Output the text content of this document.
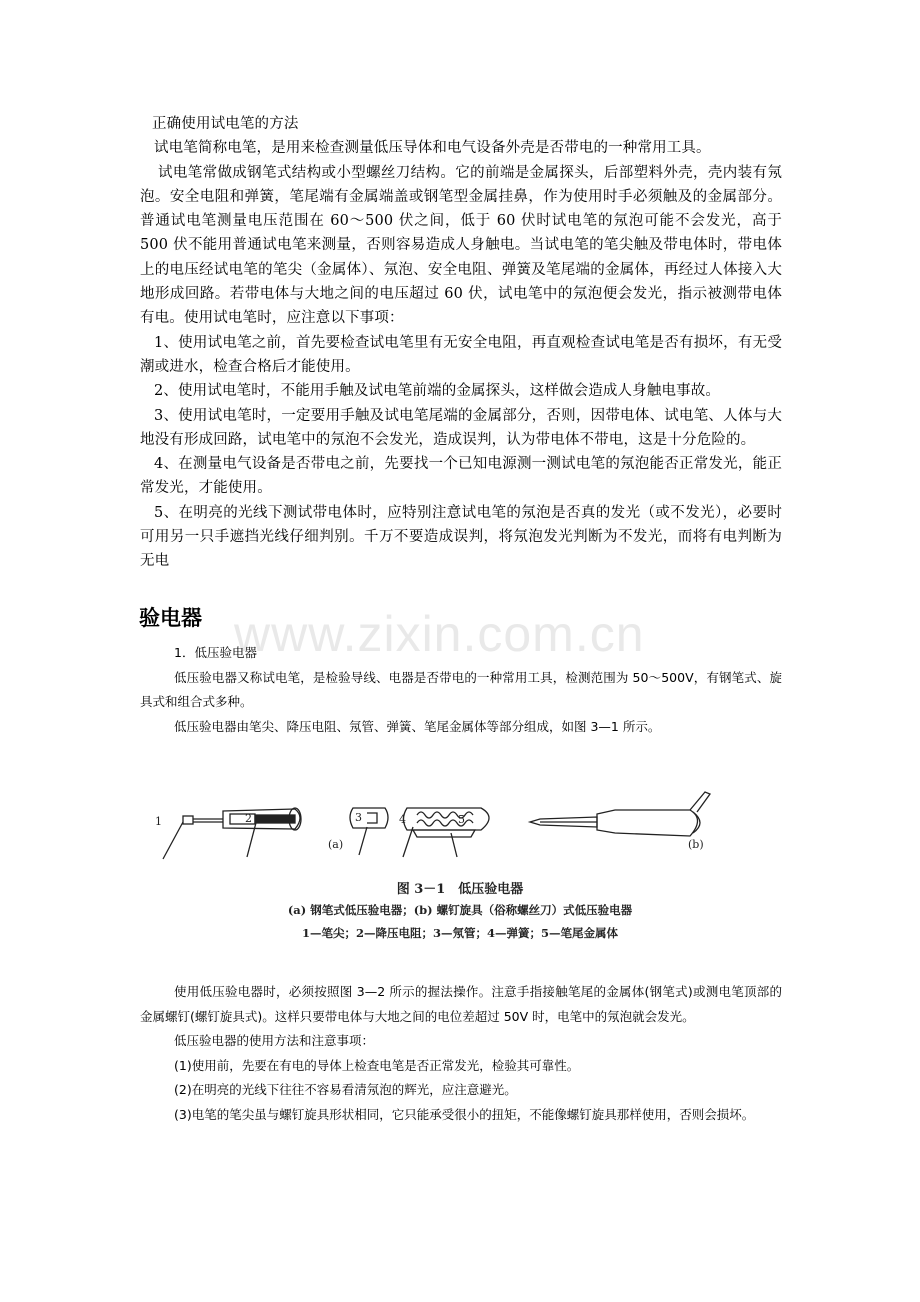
正确使用试电笔的方法

试电笔简称电笔，是用来检查测量低压导体和电气设备外壳是否带电的一种常用工具。

试电笔常做成钢笔式结构或小型螺丝刀结构。它的前端是金属探头，后部塑料外壳，壳内装有氖泡。安全电阻和弹簧，笔尾端有金属端盖或钢笔型金属挂鼻，作为使用时手必须触及的金属部分。普通试电笔测量电压范围在 60～500 伏之间，低于 60 伏时试电笔的氖泡可能不会发光，高于 500 伏不能用普通试电笔来测量，否则容易造成人身触电。当试电笔的笔尖触及带电体时，带电体上的电压经试电笔的笔尖（金属体）、氖泡、安全电阻、弹簧及笔尾端的金属体，再经过人体接入大地形成回路。若带电体与大地之间的电压超过 60 伏，试电笔中的氖泡便会发光，指示被测带电体有电。使用试电笔时，应注意以下事项：

1、使用试电笔之前，首先要检查试电笔里有无安全电阻，再直观检查试电笔是否有损坏，有无受潮或进水，检查合格后才能使用。

2、使用试电笔时，不能用手触及试电笔前端的金属探头，这样做会造成人身触电事故。

3、使用试电笔时，一定要用手触及试电笔尾端的金属部分，否则，因带电体、试电笔、人体与大地没有形成回路，试电笔中的氖泡不会发光，造成误判，认为带电体不带电，这是十分危险的。

4、在测量电气设备是否带电之前，先要找一个已知电源测一测试电笔的氖泡能否正常发光，能正常发光，才能使用。

5、在明亮的光线下测试带电体时，应特别注意试电笔的氖泡是否真的发光（或不发光），必要时可用另一只手遮挡光线仔细判别。千万不要造成误判，将氖泡发光判断为不发光，而将有电判断为无电

www.zixin.com.cn
验电器

1．低压验电器

低压验电器又称试电笔，是检验导线、电器是否带电的一种常用工具，检测范围为 50～500V，有钢笔式、旋具式和组合式多种。

低压验电器由笔尖、降压电阻、氖管、弹簧、笔尾金属体等部分组成，如图 3—1 所示。

1	2	3	4	5
(a)	(b)
图 3－1　低压验电器
(a) 钢笔式低压验电器；(b) 螺钉旋具（俗称螺丝刀）式低压验电器
1—笔尖；2—降压电阻；3—氖管；4—弹簧；5—笔尾金属体

使用低压验电器时，必须按照图 3—2 所示的握法操作。注意手指接触笔尾的金属体(钢笔式)或测电笔顶部的金属螺钉(螺钉旋具式)。这样只要带电体与大地之间的电位差超过 50V 时，电笔中的氖泡就会发光。

低压验电器的使用方法和注意事项：

(1)使用前，先要在有电的导体上检查电笔是否正常发光，检验其可靠性。

(2)在明亮的光线下往往不容易看清氖泡的辉光，应注意避光。

(3)电笔的笔尖虽与螺钉旋具形状相同，它只能承受很小的扭矩，不能像螺钉旋具那样使用，否则会损坏。
